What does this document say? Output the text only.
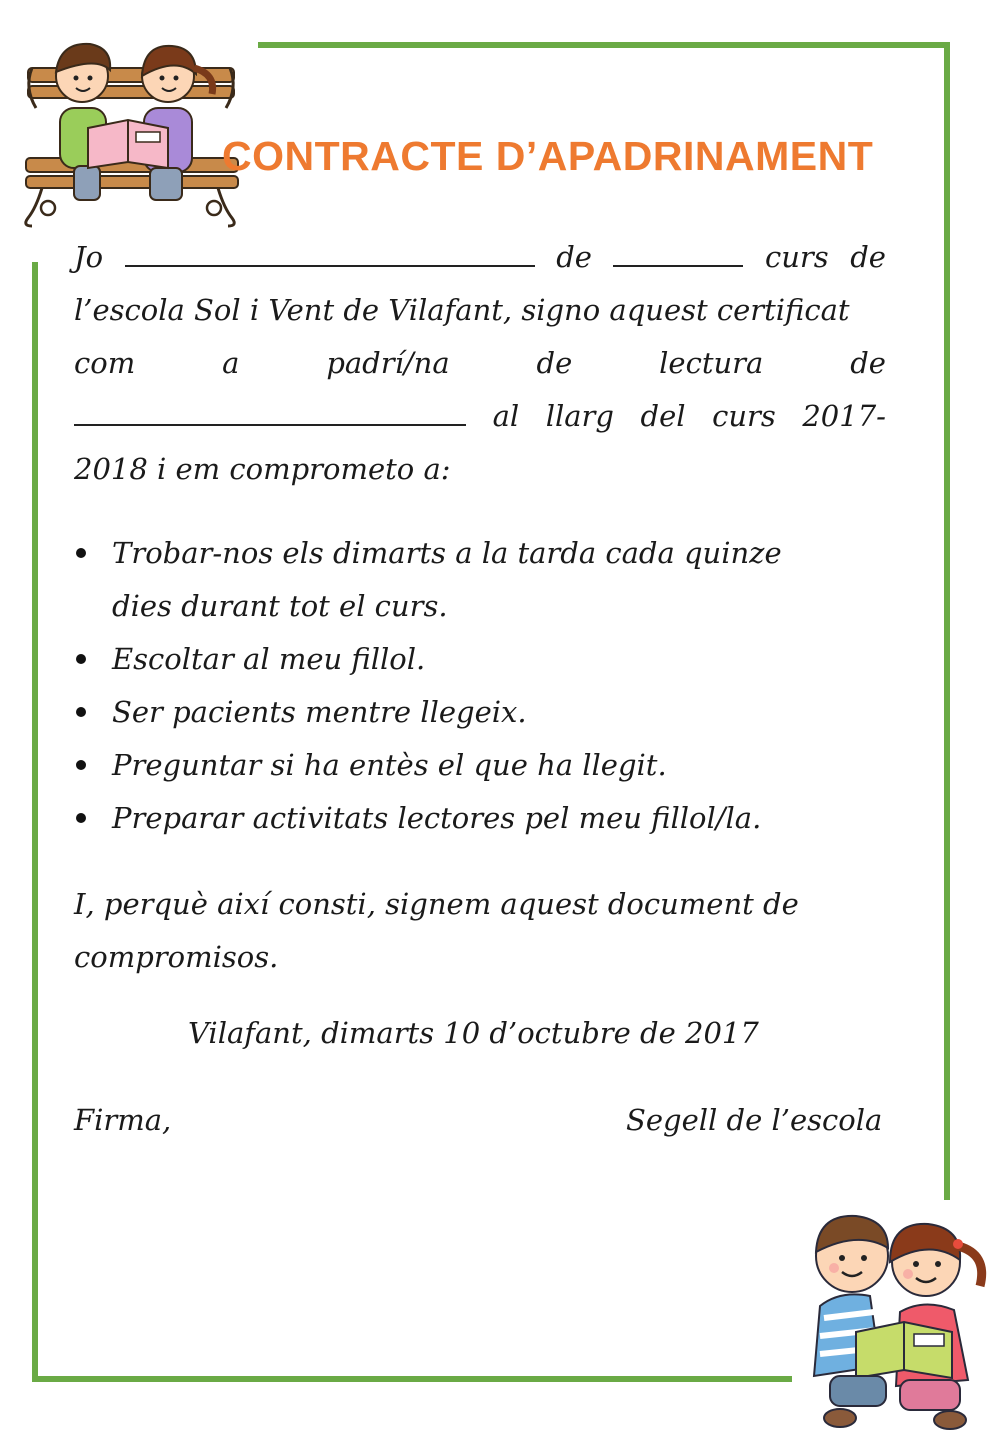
CONTRACTE D’APADRINAMENT
Jo	de	curs de
l’escola Sol i Vent de Vilafant, signo aquest certificat
com	a	padrí/na	de	lectura	de
al llarg del curs 2017-
2018 i em comprometo a:
Trobar-nos els dimarts a la tarda cada quinze
dies durant tot el curs.
Escoltar al meu fillol.
Ser pacients mentre llegeix.
Preguntar si ha entès el que ha llegit.
Preparar activitats lectores pel meu fillol/la.
I, perquè així consti, signem aquest document de
compromisos.
Vilafant, dimarts 10 d’octubre de 2017
Firma,	Segell de l’escola
